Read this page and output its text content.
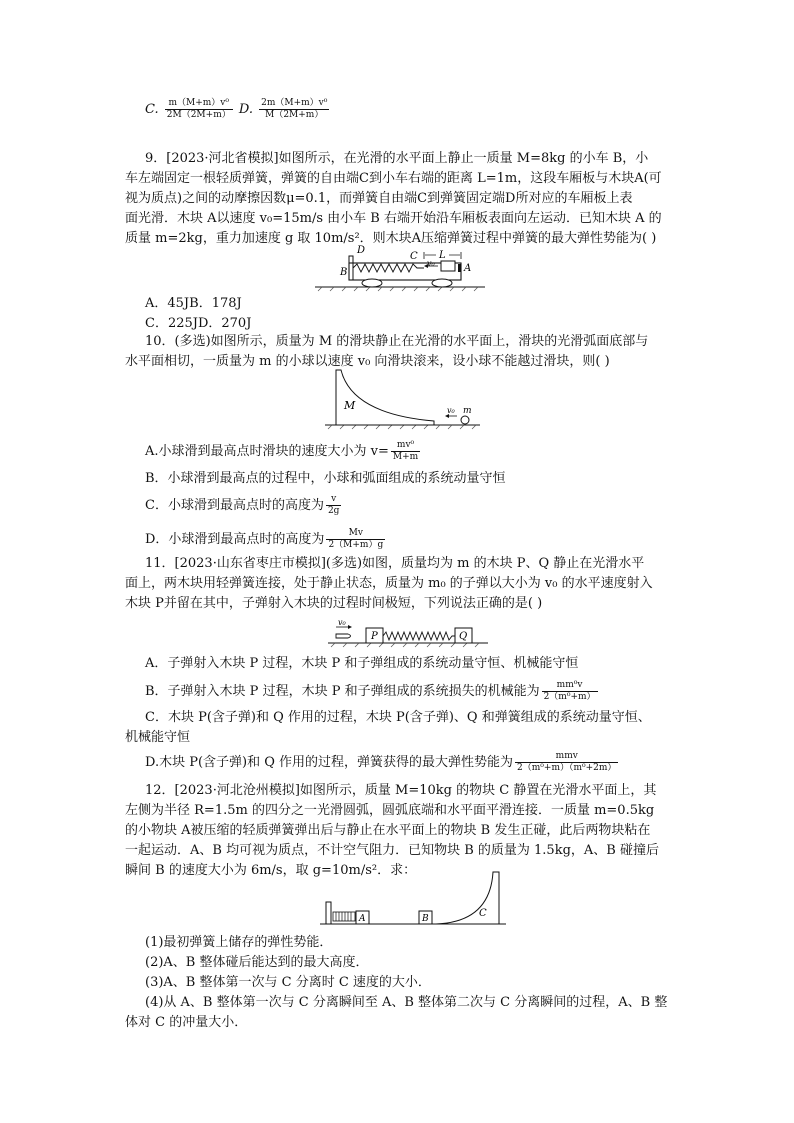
C. $\frac{\text{m（M+m）v⁰}}{2M(2M+m)} D$. $\frac{\text{2m（M+m）v⁰}}{M(2M+m)}$
9．[2023·河北省模拟]如图所示，在光滑的水平面上静止一质量 M=8kg 的小车 B，小
车左端固定一根轻质弹簧，弹簧的自由端C到小车右端的距离 L=1m，这段车厢板与木块A(可
视为质点)之间的动摩擦因数μ=0.1，而弹簧自由端C到弹簧固定端D所对应的车厢板上表
面光滑．木块 A以速度 v₀=15m/s 由小车 B 右端开始沿车厢板表面向左运动．已知木块 A 的
质量 m=2kg，重力加速度 g 取 10m/s²．则木块A压缩弹簧过程中弹簧的最大弹性势能为( )
D
C L
v₀	A
B
A．45JB．178J
C．225JD．270J
10．(多选)如图所示，质量为 M 的滑块静止在光滑的水平面上，滑块的光滑弧面底部与
水平面相切，一质量为 m 的小球以速度 v₀ 向滑块滚来，设小球不能越过滑块，则( )
M	v₀ m
A.小球滑到最高点时滑块的速度大小为 $v= \frac{\text{mv⁰}}{M+m}$
B．小球滑到最高点的过程中，小球和弧面组成的系统动量守恒
C．小球滑到最高点时的高度为 $\frac{v}{2g}$
D．小球滑到最高点时的高度为 $\frac{Mv}{2(M+m)g}$
11．[2023·山东省枣庄市模拟](多选)如图，质量均为 m 的木块 P、Q 静止在光滑水平
面上，两木块用轻弹簧连接，处于静止状态，质量为 m₀ 的子弹以大小为 v₀ 的水平速度射入
木块 P并留在其中，子弹射入木块的过程时间极短，下列说法正确的是( )
v₀
P	Q
A．子弹射入木块 P 过程，木块 P 和子弹组成的系统动量守恒、机械能守恒
B．子弹射入木块 P 过程，木块 P 和子弹组成的系统损失的机械能为 $\frac{\text{mm⁰v}}{\text{2（m⁰+m）}}$
C．木块 P(含子弹)和 Q 作用的过程，木块 P(含子弹)、Q 和弹簧组成的系统动量守恒、
机械能守恒
D.木块 P(含子弹)和 Q 作用的过程，弹簧获得的最大弹性势能为 $\frac{\text{mmv}}{\text{2（m⁰+m）（m⁰+2m）}}$
12．[2023·河北沧州模拟]如图所示，质量 M=10kg 的物块 C 静置在光滑水平面上，其
左侧为半径 R=1.5m 的四分之一光滑圆弧，圆弧底端和水平面平滑连接．一质量 m=0.5kg
的小物块 A被压缩的轻质弹簧弹出后与静止在水平面上的物块 B 发生正碰，此后两物块粘在
一起运动．A、B 均可视为质点，不计空气阻力．已知物块 B 的质量为 1.5kg，A、B 碰撞后
瞬间 B 的速度大小为 6m/s，取 g=10m/s²．求：
A	B	C
(1)最初弹簧上储存的弹性势能．
(2)A、B 整体碰后能达到的最大高度．
(3)A、B 整体第一次与 C 分离时 C 速度的大小．
(4)从 A、B 整体第一次与 C 分离瞬间至 A、B 整体第二次与 C 分离瞬间的过程，A、B 整
体对 C 的冲量大小．
